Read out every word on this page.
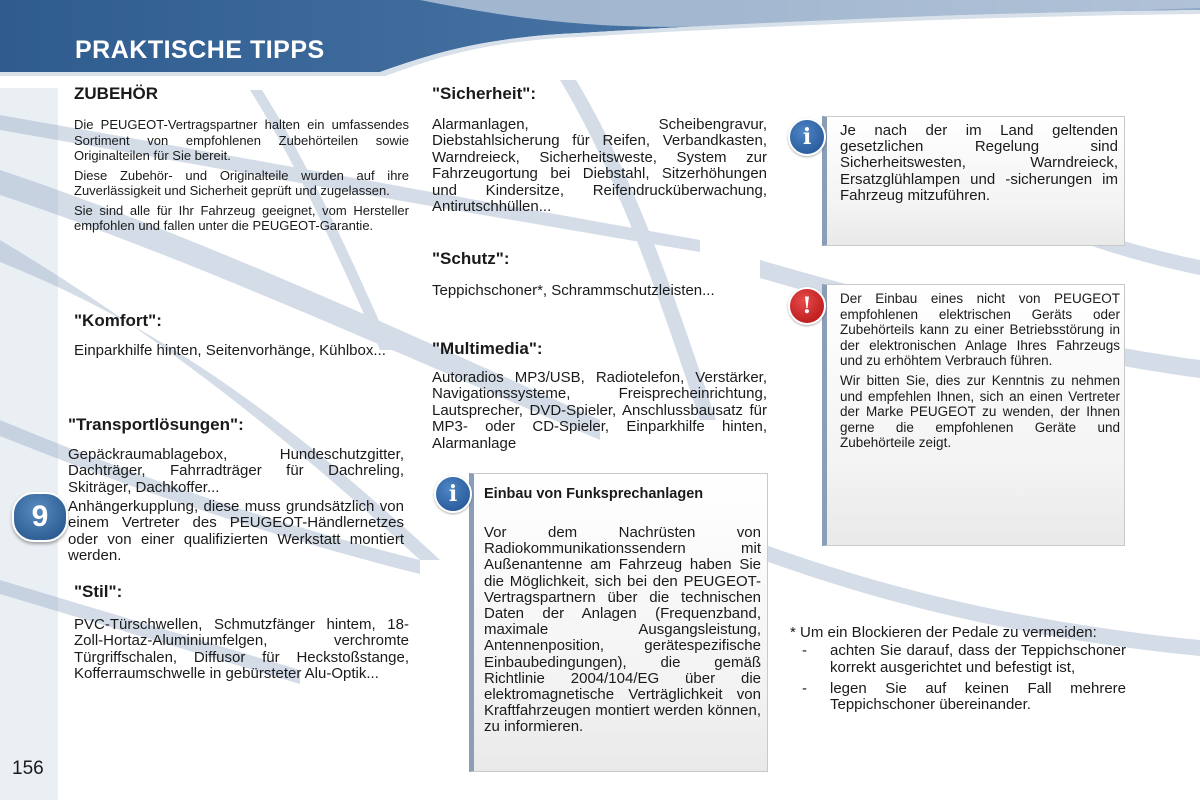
PRAKTISCHE TIPPS
9
156
ZUBEHÖR

Die PEUGEOT-Vertragspartner halten ein umfassendes Sortiment von empfohlenen Zubehörteilen sowie Originalteilen für Sie bereit.

Diese Zubehör- und Originalteile wurden auf ihre Zuverlässigkeit und Sicherheit geprüft und zugelassen.

Sie sind alle für Ihr Fahrzeug geeignet, vom Hersteller empfohlen und fallen unter die PEUGEOT-Garantie.

"Komfort":

Einparkhilfe hinten, Seitenvorhänge, Kühlbox...

"Transportlösungen":

Gepäckraumablagebox, Hundeschutzgitter, Dachträger, Fahrradträger für Dachreling, Skiträger, Dachkoffer...

Anhängerkupplung, diese muss grundsätzlich von einem Vertreter des PEUGEOT-Händlernetzes oder von einer qualifizierten Werkstatt montiert werden.

"Stil":

PVC-Türschwellen, Schmutzfänger hintem, 18-Zoll-Hortaz-Aluminiumfelgen, verchromte Türgriffschalen, Diffusor für Heckstoßstange, Kofferraumschwelle in gebürsteter Alu-Optik...

"Sicherheit":

Alarmanlagen, Scheibengravur, Diebstahlsicherung für Reifen, Verbandkasten, Warndreieck, Sicherheitsweste, System zur Fahrzeugortung bei Diebstahl, Sitzerhöhungen und Kindersitze, Reifendrucküberwachung, Antirutschhüllen...

"Schutz":

Teppichschoner*, Schrammschutzleisten...

"Multimedia":

Autoradios MP3/USB, Radiotelefon, Verstärker, Navigationssysteme, Freisprecheinrichtung, Lautsprecher, DVD-Spieler, Anschlussbausatz für MP3- oder CD-Spieler, Einparkhilfe hinten, Alarmanlage

Einbau von Funksprechanlagen
Vor dem Nachrüsten von Radiokommunikationssendern mit Außenantenne am Fahrzeug haben Sie die Möglichkeit, sich bei den PEUGEOT-Vertragspartnern über die technischen Daten der Anlagen (Frequenzband, maximale Ausgangsleistung, Antennenposition, gerätespezifische Einbaubedingungen), die gemäß Richtlinie 2004/104/EG über die elektromagnetische Verträglichkeit von Kraftfahrzeugen montiert werden können, zu informieren.
i
Je nach der im Land geltenden gesetzlichen Regelung sind Sicherheitswesten, Warndreieck, Ersatzglühlampen und -sicherungen im Fahrzeug mitzuführen.
i

Der Einbau eines nicht von PEUGEOT empfohlenen elektrischen Geräts oder Zubehörteils kann zu einer Betriebsstörung in der elektronischen Anlage Ihres Fahrzeugs und zu erhöhtem Verbrauch führen.

Wir bitten Sie, dies zur Kenntnis zu nehmen und empfehlen Ihnen, sich an einen Vertreter der Marke PEUGEOT zu wenden, der Ihnen gerne die empfohlenen Geräte und Zubehörteile zeigt.

!
* Um ein Blockieren der Pedale zu vermeiden:
-	achten Sie darauf, dass der Teppichschoner korrekt ausgerichtet und befestigt ist,
-	legen Sie auf keinen Fall mehrere Teppichschoner übereinander.
